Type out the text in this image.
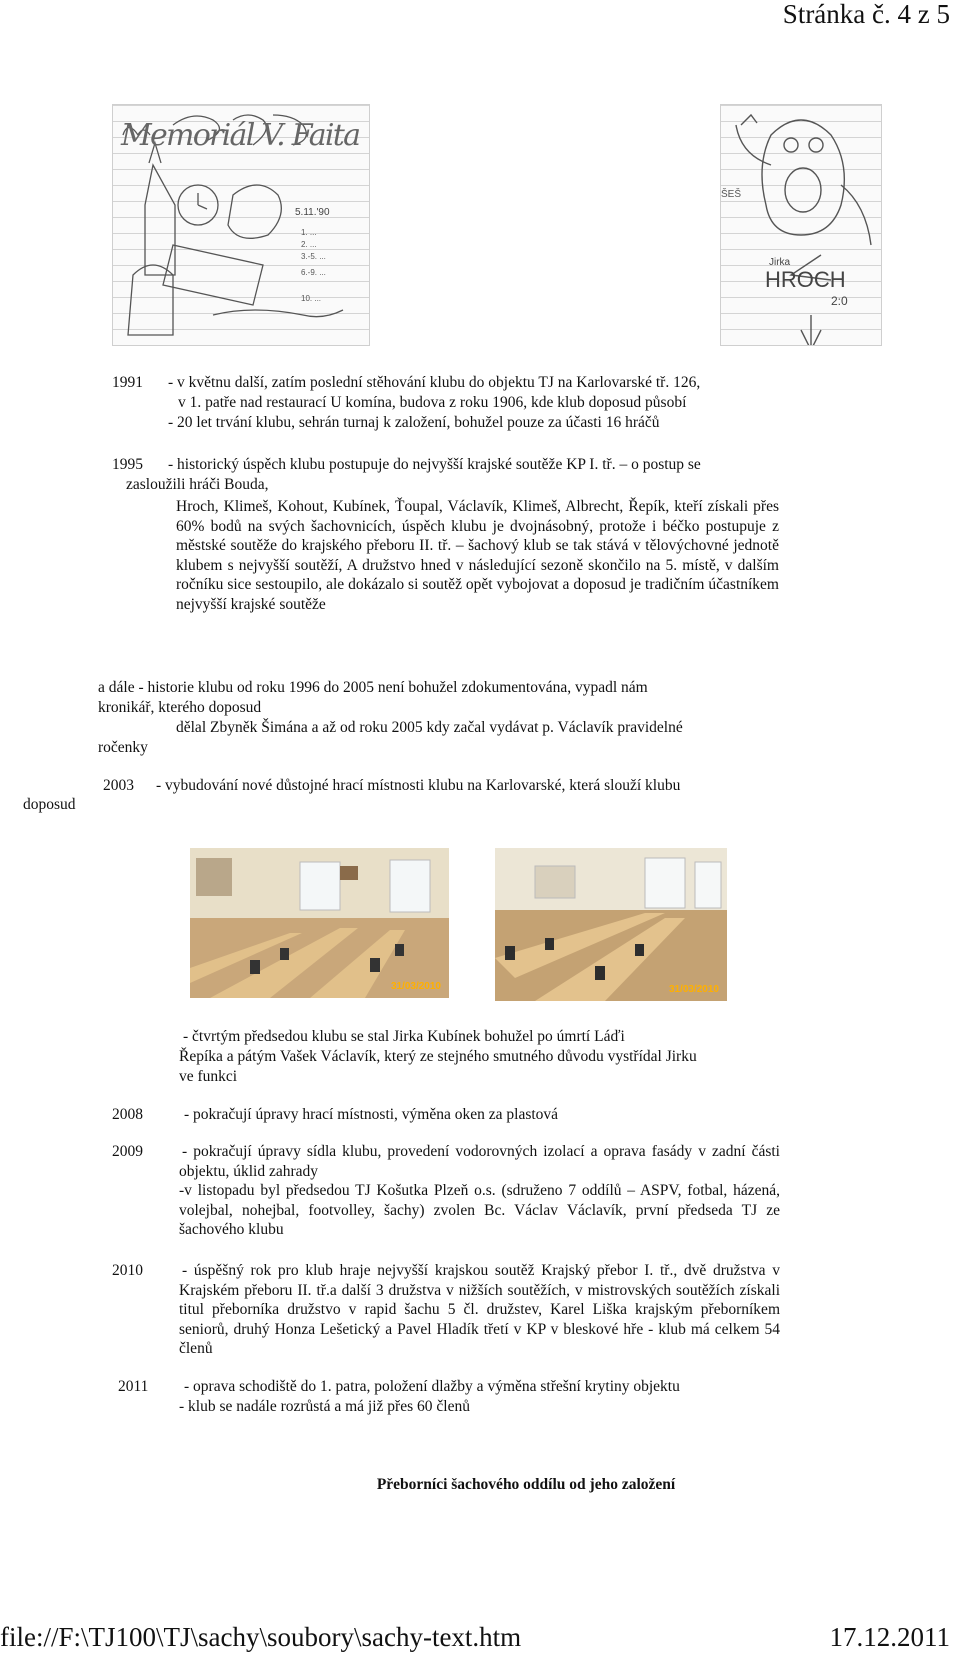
Stránka č. 4 z 5
5.11.'90
1. ...
2. ...
3.-5. ...
6.-9. ...
10. ...
Memoriál V. Faita
Jirka
HROCH
2:0
ŠEŠ
1991 - v květnu další, zatím poslední stěhování klubu do objektu TJ na Karlovarské tř. 126,
v 1. patře nad restaurací U komína, budova z roku 1906, kde klub doposud působí
- 20 let trvání klubu, sehrán turnaj k založení, bohužel pouze za účasti 16 hráčů
1995 - historický úspěch klubu postupuje do nejvyšší krajské soutěže KP I. tř. – o postup se
zasloužili hráči Bouda,
Hroch, Klimeš, Kohout, Kubínek, Ťoupal, Václavík, Klimeš, Albrecht, Řepík, kteří získali přes 60% bodů na svých šachovnicích, úspěch klubu je dvojnásobný, protože i béčko postupuje z městské soutěže do krajského přeboru II. tř. – šachový klub se tak stává v tělovýchovné jednotě klubem s nejvyšší soutěží, A družstvo hned v následující sezoně skončilo na 5. místě, v dalším ročníku sice sestoupilo, ale dokázalo si soutěž opět vybojovat a doposud je tradičním účastníkem nejvyšší krajské soutěže
a dále - historie klubu od roku 1996 do 2005 není bohužel zdokumentována, vypadl nám
kronikář, kterého doposud
dělal Zbyněk Šimána a až od roku 2005 kdy začal vydávat p. Václavík pravidelné
ročenky
2003 - vybudování nové důstojné hrací místnosti klubu na Karlovarské, která slouží klubu
doposud
31/03/2010	31/03/2010
- čtvrtým předsedou klubu se stal Jirka Kubínek bohužel po úmrtí Láďi
Řepíka a pátým Vašek Václavík, který ze stejného smutného důvodu vystřídal Jirku
ve funkci
2008	- pokračují úpravy hrací místnosti, výměna oken za plastová
2009	- pokračují úpravy sídla klubu, provedení vodorovných izolací a oprava fasády v zadní části objektu, úklid zahrady
-v listopadu byl předsedou TJ Košutka Plzeň o.s. (sdruženo 7 oddílů – ASPV, fotbal, házená, volejbal, nohejbal, footvolley, šachy) zvolen Bc. Václav Václavík, první předseda TJ ze šachového klubu
2010	- úspěšný rok pro klub hraje nejvyšší krajskou soutěž Krajský přebor I. tř., dvě družstva v Krajském přeboru II. tř.a další 3 družstva v nižších soutěžích, v mistrovských soutěžích získali titul přeborníka družstvo v rapid šachu 5 čl. družstev, Karel Liška krajským přeborníkem seniorů, druhý Honza Lešetický a Pavel Hladík třetí v KP v bleskové hře - klub má celkem 54 členů
2011 - oprava schodiště do 1. patra, položení dlažby a výměna střešní krytiny objektu
- klub se nadále rozrůstá a má již přes 60 členů
Přeborníci šachového oddílu od jeho založení
file://F:\TJ100\TJ\sachy\soubory\sachy-text.htm	17.12.2011
